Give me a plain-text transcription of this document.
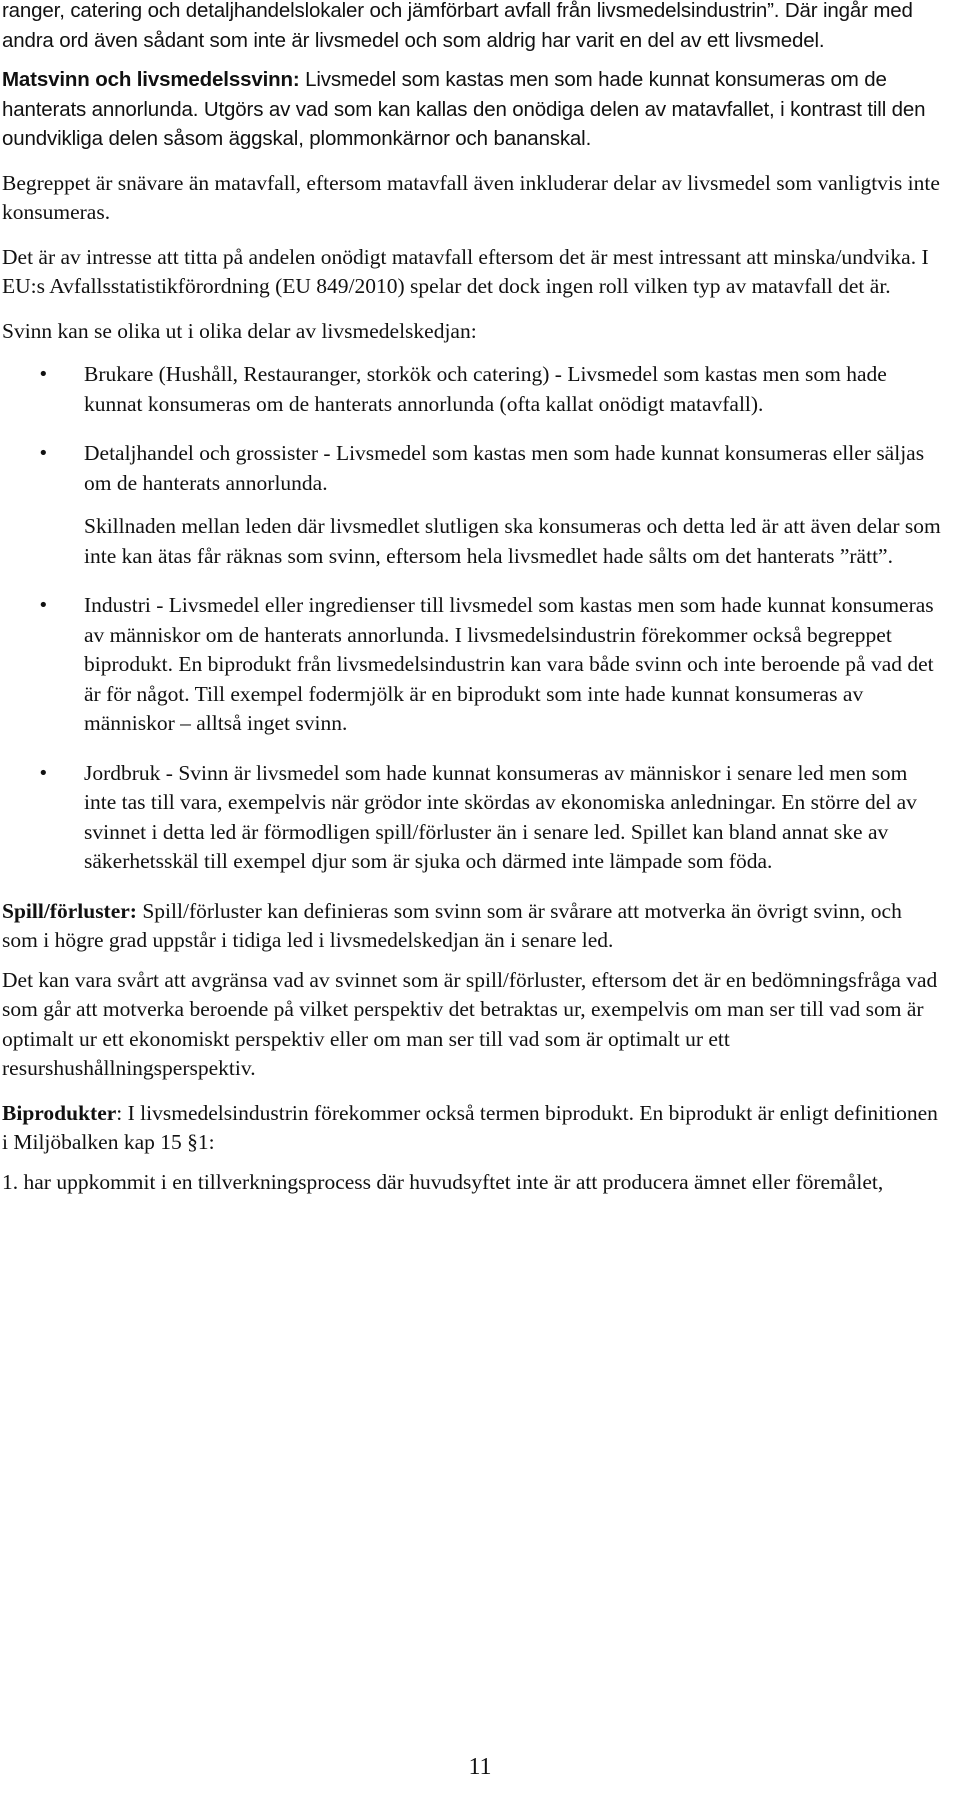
ranger, catering och detaljhandelslokaler och jämförbart avfall från livsmedelsindustrin”. Där ingår med andra ord även sådant som inte är livsmedel och som aldrig har varit en del av ett livsmedel.

Matsvinn och livsmedelssvinn: Livsmedel som kastas men som hade kunnat konsumeras om de hanterats annorlunda. Utgörs av vad som kan kallas den onödiga delen av matavfallet, i kontrast till den oundvikliga delen såsom äggskal, plommonkärnor och bananskal.

Begreppet är snävare än matavfall, eftersom matavfall även inkluderar delar av livsmedel som vanligtvis inte konsumeras.

Det är av intresse att titta på andelen onödigt matavfall eftersom det är mest intressant att minska/undvika. I EU:s Avfallsstatistikförordning (EU 849/2010) spelar det dock ingen roll vilken typ av matavfall det är.

Svinn kan se olika ut i olika delar av livsmedelskedjan:

• Brukare (Hushåll, Restauranger, storkök och catering) - Livsmedel som kastas men som hade kunnat konsumeras om de hanterats annorlunda (ofta kallat onödigt matavfall).
• Detaljhandel och grossister - Livsmedel som kastas men som hade kunnat konsumeras eller säljas om de hanterats annorlunda.

Skillnaden mellan leden där livsmedlet slutligen ska konsumeras och detta led är att även delar som inte kan ätas får räknas som svinn, eftersom hela livsmedlet hade sålts om det hanterats ”rätt”.

• Industri - Livsmedel eller ingredienser till livsmedel som kastas men som hade kunnat konsumeras av människor om de hanterats annorlunda. I livsmedelsindustrin förekommer också begreppet biprodukt. En biprodukt från livsmedelsindustrin kan vara både svinn och inte beroende på vad det är för något. Till exempel fodermjölk är en biprodukt som inte hade kunnat konsumeras av människor – alltså inget svinn.
• Jordbruk - Svinn är livsmedel som hade kunnat konsumeras av människor i senare led men som inte tas till vara, exempelvis när grödor inte skördas av ekonomiska anledningar. En större del av svinnet i detta led är förmodligen spill/förluster än i senare led. Spillet kan bland annat ske av säkerhetsskäl till exempel djur som är sjuka och därmed inte lämpade som föda.

Spill/förluster: Spill/förluster kan definieras som svinn som är svårare att motverka än övrigt svinn, och som i högre grad uppstår i tidiga led i livsmedelskedjan än i senare led.

Det kan vara svårt att avgränsa vad av svinnet som är spill/förluster, eftersom det är en bedömningsfråga vad som går att motverka beroende på vilket perspektiv det betraktas ur, exempelvis om man ser till vad som är optimalt ur ett ekonomiskt perspektiv eller om man ser till vad som är optimalt ur ett resurshushållningsperspektiv.

Biprodukter: I livsmedelsindustrin förekommer också termen biprodukt. En biprodukt är enligt definitionen i Miljöbalken kap 15 §1:

1. har uppkommit i en tillverkningsprocess där huvudsyftet inte är att producera ämnet eller föremålet,

11
